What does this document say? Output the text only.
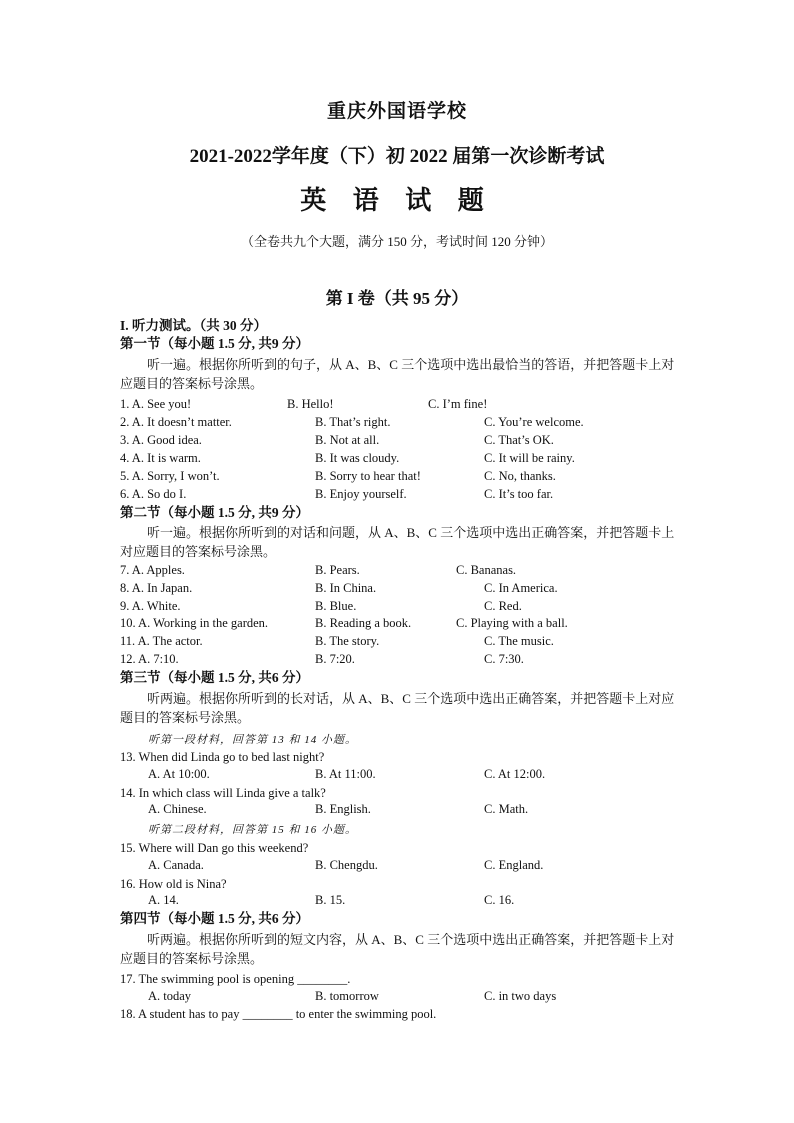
重庆外国语学校
2021-2022学年度（下）初 2022 届第一次诊断考试
英 语 试 题
（全卷共九个大题，满分 150 分，考试时间 120 分钟）
第 I 卷（共 95 分）
I. 听力测试。（共 30 分）
第一节（每小题 1.5 分, 共9 分）
听一遍。根据你所听到的句子，从 A、B、C 三个选项中选出最恰当的答语，并把答题卡上对应题目的答案标号涂黑。
1. A. See you!	B. Hello!	C. I’m fine!
2. A. It doesn’t matter.	B. That’s right.	C. You’re welcome.
3. A. Good idea.	B. Not at all.	C. That’s OK.
4. A. It is warm.	B. It was cloudy.	C. It will be rainy.
5. A. Sorry, I won’t.	B. Sorry to hear that!	C. No, thanks.
6. A. So do I.	B. Enjoy yourself.	C. It’s too far.
第二节（每小题 1.5 分, 共9 分）
听一遍。根据你所听到的对话和问题，从 A、B、C 三个选项中选出正确答案，并把答题卡上对应题目的答案标号涂黑。
7. A. Apples.	B. Pears.	C. Bananas.
8. A. In Japan.	B. In China.	C. In America.
9. A. White.	B. Blue.	C. Red.
10. A. Working in the garden.	B. Reading a book.	C. Playing with a ball.
11. A. The actor.	B. The story.	C. The music.
12. A. 7:10.	B. 7:20.	C. 7:30.
第三节（每小题 1.5 分, 共6 分）
听两遍。根据你所听到的长对话，从 A、B、C 三个选项中选出正确答案，并把答题卡上对应题目的答案标号涂黑。
听第一段材料，回答第 13 和 14 小题。
13. When did Linda go to bed last night?
A. At 10:00.	B. At 11:00.	C. At 12:00.
14. In which class will Linda give a talk?
A. Chinese.	B. English.	C. Math.
听第二段材料，回答第 15 和 16 小题。
15. Where will Dan go this weekend?
A. Canada.	B. Chengdu.	C. England.
16. How old is Nina?
A. 14.	B. 15.	C. 16.
第四节（每小题 1.5 分, 共6 分）
听两遍。根据你所听到的短文内容，从 A、B、C 三个选项中选出正确答案，并把答题卡上对应题目的答案标号涂黑。
17. The swimming pool is opening ________.
A. today	B. tomorrow	C. in two days
18. A student has to pay ________ to enter the swimming pool.
